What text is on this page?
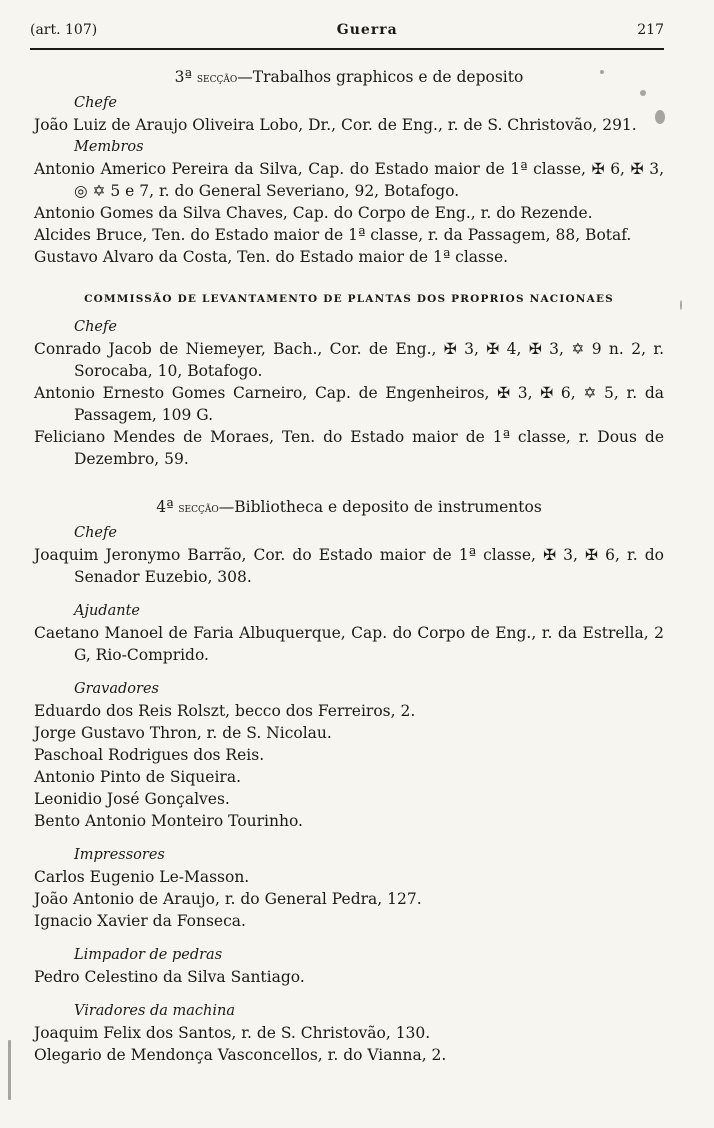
(art. 107)	Guerra	217
3ª secção—Trabalhos graphicos e de deposito
Chefe
João Luiz de Araujo Oliveira Lobo, Dr., Cor. de Eng., r. de S. Christovão, 291.
Membros
Antonio Americo Pereira da Silva, Cap. do Estado maior de 1ª classe, ✠ 6, ✠ 3, ◎ ✡ 5 e 7, r. do General Severiano, 92, Botafogo.
Antonio Gomes da Silva Chaves, Cap. do Corpo de Eng., r. do Rezende.
Alcides Bruce, Ten. do Estado maior de 1ª classe, r. da Passagem, 88, Botaf.
Gustavo Alvaro da Costa, Ten. do Estado maior de 1ª classe.
COMMISSÃO DE LEVANTAMENTO DE PLANTAS DOS PROPRIOS NACIONAES
Chefe
Conrado Jacob de Niemeyer, Bach., Cor. de Eng., ✠ 3, ✠ 4, ✠ 3, ✡ 9 n. 2, r. Sorocaba, 10, Botafogo.
Antonio Ernesto Gomes Carneiro, Cap. de Engenheiros, ✠ 3, ✠ 6, ✡ 5, r. da Passagem, 109 G.
Feliciano Mendes de Moraes, Ten. do Estado maior de 1ª classe, r. Dous de Dezembro, 59.
4ª secção—Bibliotheca e deposito de instrumentos
Chefe
Joaquim Jeronymo Barrão, Cor. do Estado maior de 1ª classe, ✠ 3, ✠ 6, r. do Senador Euzebio, 308.
Ajudante
Caetano Manoel de Faria Albuquerque, Cap. do Corpo de Eng., r. da Estrella, 2 G, Rio-Comprido.
Gravadores
Eduardo dos Reis Rolszt, becco dos Ferreiros, 2.
Jorge Gustavo Thron, r. de S. Nicolau.
Paschoal Rodrigues dos Reis.
Antonio Pinto de Siqueira.
Leonidio José Gonçalves.
Bento Antonio Monteiro Tourinho.
Impressores
Carlos Eugenio Le-Masson.
João Antonio de Araujo, r. do General Pedra, 127.
Ignacio Xavier da Fonseca.
Limpador de pedras
Pedro Celestino da Silva Santiago.
Viradores da machina
Joaquim Felix dos Santos, r. de S. Christovão, 130.
Olegario de Mendonça Vasconcellos, r. do Vianna, 2.
